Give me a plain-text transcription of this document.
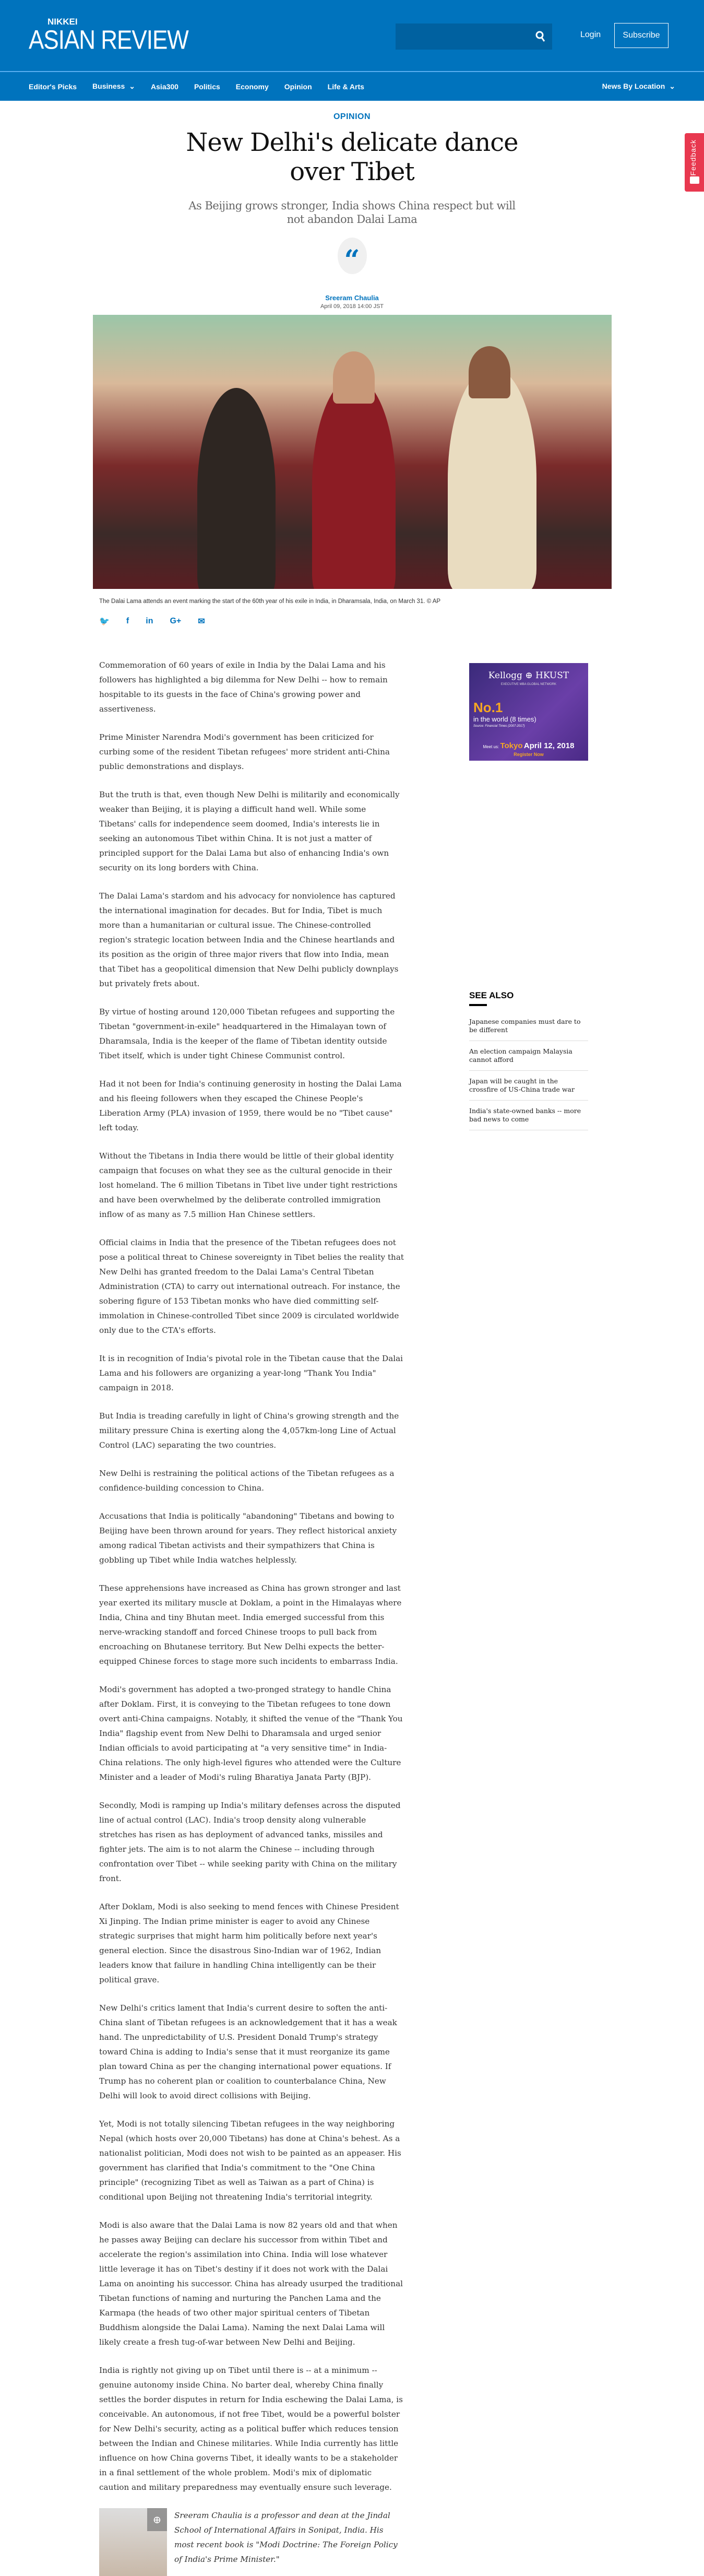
NIKKEI
ASIAN REVIEW	Login	Subscribe
Editor's Picks Business ⌄ Asia300 Politics Economy Opinion Life & Arts	News By Location ⌄
Feedback
OPINION
New Delhi's delicate dance over Tibet
As Beijing grows stronger, India shows China respect but will not abandon Dalai Lama
“
Sreeram Chaulia
April 09, 2018 14:00 JST
The Dalai Lama attends an event marking the start of the 60th year of his exile in India, in Dharamsala, India, on March 31. © AP
🐦 f in G+ ✉

Commemoration of 60 years of exile in India by the Dalai Lama and his followers has highlighted a big dilemma for New Delhi -- how to remain hospitable to its guests in the face of China's growing power and assertiveness.

Prime Minister Narendra Modi's government has been criticized for curbing some of the resident Tibetan refugees' more strident anti-China public demonstrations and displays.

But the truth is that, even though New Delhi is militarily and economically weaker than Beijing, it is playing a difficult hand well. While some Tibetans' calls for independence seem doomed, India's interests lie in seeking an autonomous Tibet within China. It is not just a matter of principled support for the Dalai Lama but also of enhancing India's own security on its long borders with China.

The Dalai Lama's stardom and his advocacy for nonviolence has captured the international imagination for decades. But for India, Tibet is much more than a humanitarian or cultural issue. The Chinese-controlled region's strategic location between India and the Chinese heartlands and its position as the origin of three major rivers that flow into India, mean that Tibet has a geopolitical dimension that New Delhi publicly downplays but privately frets about.

By virtue of hosting around 120,000 Tibetan refugees and supporting the Tibetan "government-in-exile" headquartered in the Himalayan town of Dharamsala, India is the keeper of the flame of Tibetan identity outside Tibet itself, which is under tight Chinese Communist control.

Had it not been for India's continuing generosity in hosting the Dalai Lama and his fleeing followers when they escaped the Chinese People's Liberation Army (PLA) invasion of 1959, there would be no "Tibet cause" left today.

Without the Tibetans in India there would be little of their global identity campaign that focuses on what they see as the cultural genocide in their lost homeland. The 6 million Tibetans in Tibet live under tight restrictions and have been overwhelmed by the deliberate controlled immigration inflow of as many as 7.5 million Han Chinese settlers.

Official claims in India that the presence of the Tibetan refugees does not pose a political threat to Chinese sovereignty in Tibet belies the reality that New Delhi has granted freedom to the Dalai Lama's Central Tibetan Administration (CTA) to carry out international outreach. For instance, the sobering figure of 153 Tibetan monks who have died committing self-immolation in Chinese-controlled Tibet since 2009 is circulated worldwide only due to the CTA's efforts.

It is in recognition of India's pivotal role in the Tibetan cause that the Dalai Lama and his followers are organizing a year-long "Thank You India" campaign in 2018.

But India is treading carefully in light of China's growing strength and the military pressure China is exerting along the 4,057km-long Line of Actual Control (LAC) separating the two countries.

New Delhi is restraining the political actions of the Tibetan refugees as a confidence-building concession to China.

Accusations that India is politically "abandoning" Tibetans and bowing to Beijing have been thrown around for years. They reflect historical anxiety among radical Tibetan activists and their sympathizers that China is gobbling up Tibet while India watches helplessly.

These apprehensions have increased as China has grown stronger and last year exerted its military muscle at Doklam, a point in the Himalayas where India, China and tiny Bhutan meet. India emerged successful from this nerve-wracking standoff and forced Chinese troops to pull back from encroaching on Bhutanese territory. But New Delhi expects the better-equipped Chinese forces to stage more such incidents to embarrass India.

Modi's government has adopted a two-pronged strategy to handle China after Doklam. First, it is conveying to the Tibetan refugees to tone down overt anti-China campaigns. Notably, it shifted the venue of the "Thank You India" flagship event from New Delhi to Dharamsala and urged senior Indian officials to avoid participating at "a very sensitive time" in India-China relations. The only high-level figures who attended were the Culture Minister and a leader of Modi's ruling Bharatiya Janata Party (BJP).

Secondly, Modi is ramping up India's military defenses across the disputed line of actual control (LAC). India's troop density along vulnerable stretches has risen as has deployment of advanced tanks, missiles and fighter jets. The aim is to not alarm the Chinese -- including through confrontation over Tibet -- while seeking parity with China on the military front.

After Doklam, Modi is also seeking to mend fences with Chinese President Xi Jinping. The Indian prime minister is eager to avoid any Chinese strategic surprises that might harm him politically before next year's general election. Since the disastrous Sino-Indian war of 1962, Indian leaders know that failure in handling China intelligently can be their political grave.

New Delhi's critics lament that India's current desire to soften the anti-China slant of Tibetan refugees is an acknowledgement that it has a weak hand. The unpredictability of U.S. President Donald Trump's strategy toward China is adding to India's sense that it must reorganize its game plan toward China as per the changing international power equations. If Trump has no coherent plan or coalition to counterbalance China, New Delhi will look to avoid direct collisions with Beijing.

Yet, Modi is not totally silencing Tibetan refugees in the way neighboring Nepal (which hosts over 20,000 Tibetans) has done at China's behest. As a nationalist politician, Modi does not wish to be painted as an appeaser. His government has clarified that India's commitment to the "One China principle" (recognizing Tibet as well as Taiwan as a part of China) is conditional upon Beijing not threatening India's territorial integrity.

Modi is also aware that the Dalai Lama is now 82 years old and that when he passes away Beijing can declare his successor from within Tibet and accelerate the region's assimilation into China. India will lose whatever little leverage it has on Tibet's destiny if it does not work with the Dalai Lama on anointing his successor. China has already usurped the traditional Tibetan functions of naming and nurturing the Panchen Lama and the Karmapa (the heads of two other major spiritual centers of Tibetan Buddhism alongside the Dalai Lama). Naming the next Dalai Lama will likely create a fresh tug-of-war between New Delhi and Beijing.

India is rightly not giving up on Tibet until there is -- at a minimum -- genuine autonomy inside China. No barter deal, whereby China finally settles the border disputes in return for India eschewing the Dalai Lama, is conceivable. An autonomous, if not free Tibet, would be a powerful bolster for New Delhi's security, acting as a political buffer which reduces tension between the Indian and Chinese militaries. While India currently has little influence on how China governs Tibet, it ideally wants to be a stakeholder in a final settlement of the whole problem. Modi's mix of diplomatic caution and military preparedness may eventually ensure such leverage.

⊕	Sreeram Chaulia is a professor and dean at the Jindal School of International Affairs in Sonipat, India. His most recent book is "Modi Doctrine: The Foreign Policy of India's Prime Minister."
Kellogg ⊕ HKUST
EXECUTIVE MBA GLOBAL NETWORK
No.1
in the world (8 times)
Source: Financial Times (2007-2017)
Meet us: Tokyo April 12, 2018
Register Now
SEE ALSO
Japanese companies must dare to be different
An election campaign Malaysia cannot afford
Japan will be caught in the crossfire of US-China trade war
India's state-owned banks -- more bad news to come
